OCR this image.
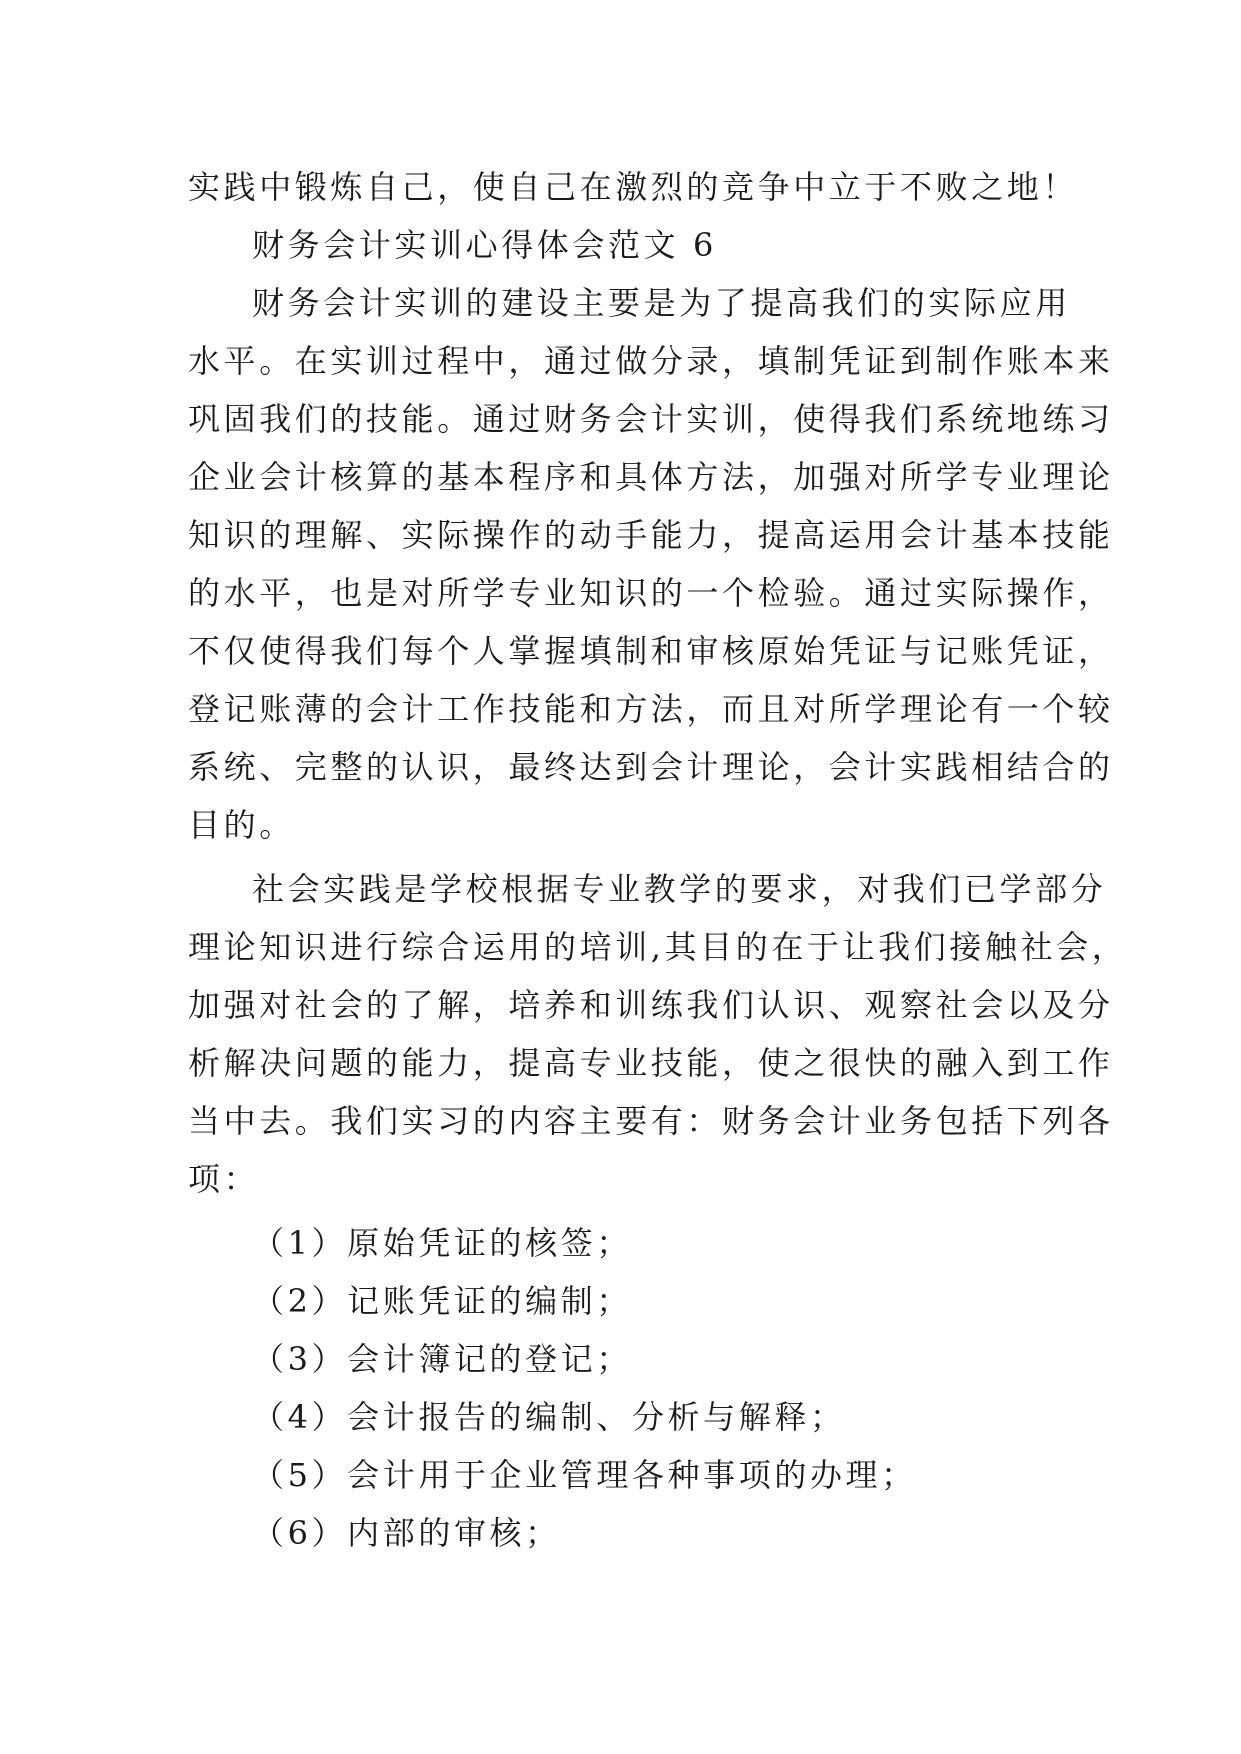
实践中锻炼自己，使自己在激烈的竞争中立于不败之地！
财务会计实训心得体会范文 6
财务会计实训的建设主要是为了提高我们的实际应用
水平。在实训过程中，通过做分录，填制凭证到制作账本来
巩固我们的技能。通过财务会计实训，使得我们系统地练习
企业会计核算的基本程序和具体方法，加强对所学专业理论
知识的理解、实际操作的动手能力，提高运用会计基本技能
的水平，也是对所学专业知识的一个检验。通过实际操作，
不仅使得我们每个人掌握填制和审核原始凭证与记账凭证，
登记账薄的会计工作技能和方法，而且对所学理论有一个较
系统、完整的认识，最终达到会计理论，会计实践相结合的
目的。
社会实践是学校根据专业教学的要求，对我们已学部分
理论知识进行综合运用的培训,其目的在于让我们接触社会，
加强对社会的了解，培养和训练我们认识、观察社会以及分
析解决问题的能力，提高专业技能，使之很快的融入到工作
当中去。我们实习的内容主要有：财务会计业务包括下列各
项：
（1）原始凭证的核签；
（2）记账凭证的编制；
（3）会计簿记的登记；
（4）会计报告的编制、分析与解释；
（5）会计用于企业管理各种事项的办理；
（6）内部的审核；
